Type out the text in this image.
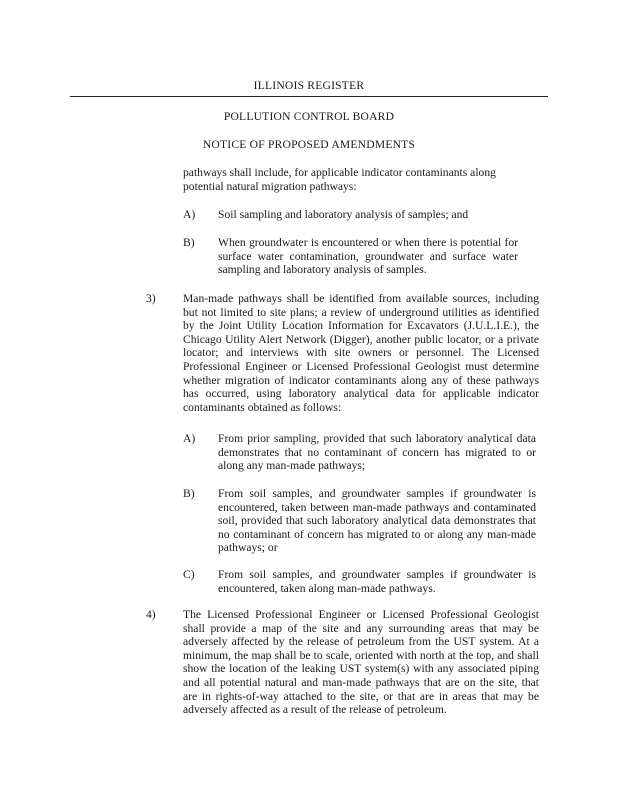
ILLINOIS REGISTER
POLLUTION CONTROL BOARD
NOTICE OF PROPOSED AMENDMENTS

pathways shall include, for applicable indicator contaminants along potential natural migration pathways:

A) Soil sampling and laboratory analysis of samples; and

B) When groundwater is encountered or when there is potential for surface water contamination, groundwater and surface water sampling and laboratory analysis of samples.

3) Man-made pathways shall be identified from available sources, including but not limited to site plans; a review of underground utilities as identified by the Joint Utility Location Information for Excavators (J.U.L.I.E.), the Chicago Utility Alert Network (Digger), another public locator, or a private locator; and interviews with site owners or personnel. The Licensed Professional Engineer or Licensed Professional Geologist must determine whether migration of indicator contaminants along any of these pathways has occurred, using laboratory analytical data for applicable indicator contaminants obtained as follows:

A) From prior sampling, provided that such laboratory analytical data demonstrates that no contaminant of concern has migrated to or along any man-made pathways;

B) From soil samples, and groundwater samples if groundwater is encountered, taken between man-made pathways and contaminated soil, provided that such laboratory analytical data demonstrates that no contaminant of concern has migrated to or along any man-made pathways; or

C) From soil samples, and groundwater samples if groundwater is encountered, taken along man-made pathways.

4) The Licensed Professional Engineer or Licensed Professional Geologist shall provide a map of the site and any surrounding areas that may be adversely affected by the release of petroleum from the UST system. At a minimum, the map shall be to scale, oriented with north at the top, and shall show the location of the leaking UST system(s) with any associated piping and all potential natural and man-made pathways that are on the site, that are in rights-of-way attached to the site, or that are in areas that may be adversely affected as a result of the release of petroleum.
